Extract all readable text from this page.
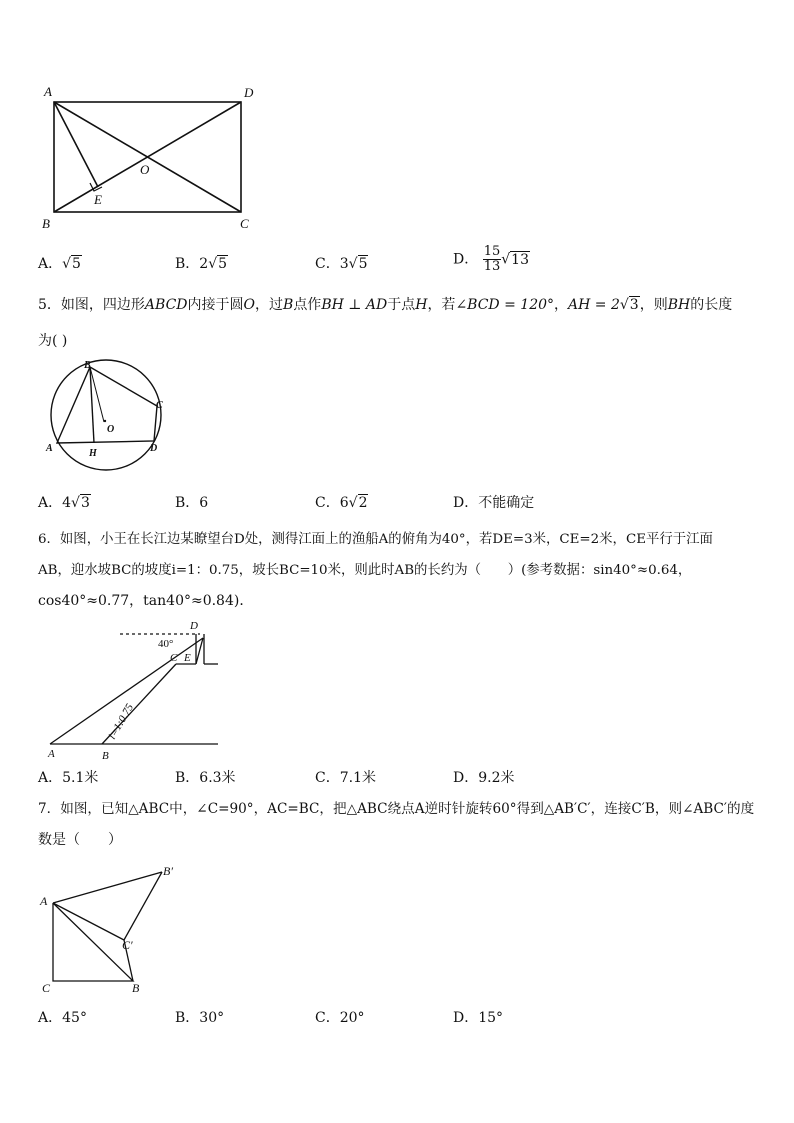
A	D
O
E
B	C
A．√5	B．2√5	C．3√5	D． $\frac{15}{13} √13$
5．如图，四边形ABCD内接于圆O，过B点作BH ⊥ AD于点H，若∠BCD = 120°，AH = 2√3，则BH的长度
为( )
B
C
O
A	H	D
A．4√3	B．6	C．6√2	D．不能确定
6．如图，小王在长江边某瞭望台D处，测得江面上的渔船A的俯角为40°，若DE=3米，CE=2米，CE平行于江面
AB，迎水坡BC的坡度i=1：0.75，坡长BC=10米，则此时AB的长约为（　　）(参考数据：sin40°≈0.64，
cos40°≈0.77，tan40°≈0.84)．
D
40°
C E
i=1:0.75
A	B
A．5.1米	B．6.3米	C．7.1米	D．9.2米
7．如图，已知△ABC中，∠C=90°，AC=BC，把△ABC绕点A逆时针旋转60°得到△AB′C′，连接C′B，则∠ABC′的度
数是（　　）
A
B′
C′
C	B
A．45°	B．30°	C．20°	D．15°
